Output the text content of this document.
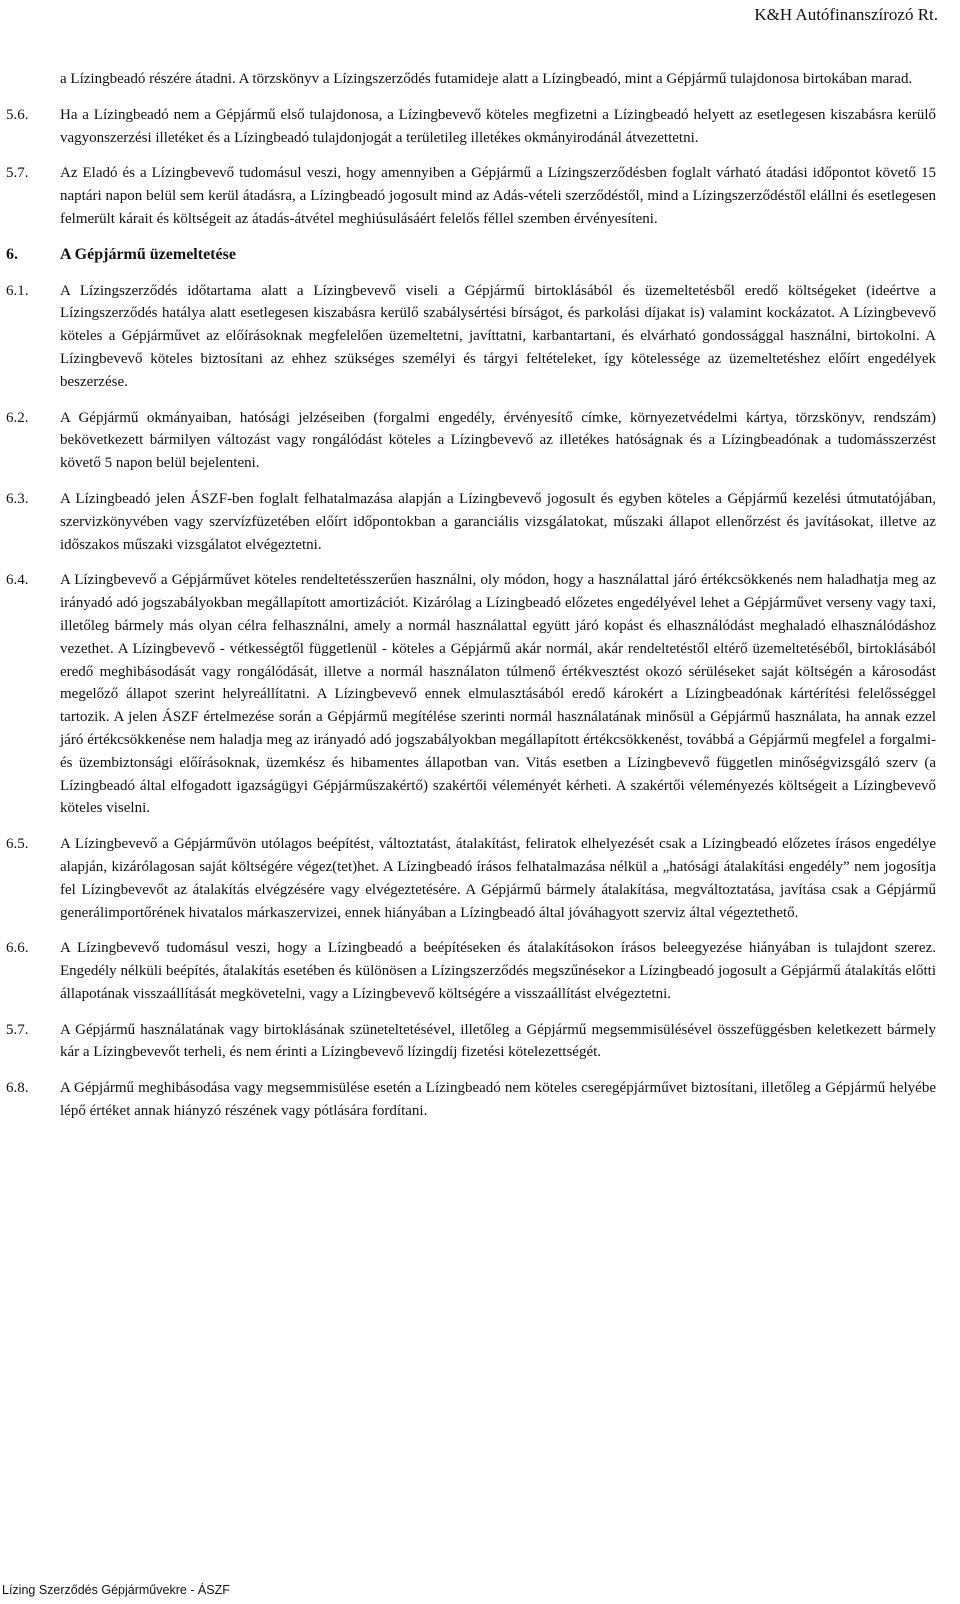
K&H Autófinanszírozó Rt.
a Lízingbeadó részére átadni. A törzskönyv a Lízingszerződés futamideje alatt a Lízingbeadó, mint a Gépjármű tulajdonosa birtokában marad.
5.6.	Ha a Lízingbeadó nem a Gépjármű első tulajdonosa, a Lízingbevevő köteles megfizetni a Lízingbeadó helyett az esetlegesen kiszabásra kerülő vagyonszerzési illetéket és a Lízingbeadó tulajdonjogát a területileg illetékes okmányirodánál átvezettetni.
5.7.	Az Eladó és a Lízingbevevő tudomásul veszi, hogy amennyiben a Gépjármű a Lízingszerződésben foglalt várható átadási időpontot követő 15 naptári napon belül sem kerül átadásra, a Lízingbeadó jogosult mind az Adás-vételi szerződéstől, mind a Lízingszerződéstől elállni és esetlegesen felmerült kárait és költségeit az átadás-átvétel meghiúsulásáért felelős féllel szemben érvényesíteni.
6.	A Gépjármű üzemeltetése
6.1.	A Lízingszerződés időtartama alatt a Lízingbevevő viseli a Gépjármű birtoklásából és üzemeltetésből eredő költségeket (ideértve a Lízingszerződés hatálya alatt esetlegesen kiszabásra kerülő szabálysértési bírságot, és parkolási díjakat is) valamint kockázatot. A Lízingbevevő köteles a Gépjárművet az előírásoknak megfelelően üzemeltetni, javíttatni, karbantartani, és elvárható gondossággal használni, birtokolni. A Lízingbevevő köteles biztosítani az ehhez szükséges személyi és tárgyi feltételeket, így kötelessége az üzemeltetéshez előírt engedélyek beszerzése.
6.2.	A Gépjármű okmányaiban, hatósági jelzéseiben (forgalmi engedély, érvényesítő címke, környezetvédelmi kártya, törzskönyv, rendszám) bekövetkezett bármilyen változást vagy rongálódást köteles a Lízingbevevő az illetékes hatóságnak és a Lízingbeadónak a tudomásszerzést követő 5 napon belül bejelenteni.
6.3.	A Lízingbeadó jelen ÁSZF-ben foglalt felhatalmazása alapján a Lízingbevevő jogosult és egyben köteles a Gépjármű kezelési útmutatójában, szervizkönyvében vagy szervízfüzetében előírt időpontokban a garanciális vizsgálatokat, műszaki állapot ellenőrzést és javításokat, illetve az időszakos műszaki vizsgálatot elvégeztetni.
6.4.	A Lízingbevevő a Gépjárművet köteles rendeltetésszerűen használni, oly módon, hogy a használattal járó értékcsökkenés nem haladhatja meg az irányadó adó jogszabályokban megállapított amortizációt. Kizárólag a Lízingbeadó előzetes engedélyével lehet a Gépjárművet verseny vagy taxi, illetőleg bármely más olyan célra felhasználni, amely a normál használattal együtt járó kopást és elhasználódást meghaladó elhasználódáshoz vezethet. A Lízingbevevő - vétkességtől függetlenül - köteles a Gépjármű akár normál, akár rendeltetéstől eltérő üzemeltetéséből, birtoklásából eredő meghibásodását vagy rongálódását, illetve a normál használaton túlmenő értékvesztést okozó sérüléseket saját költségén a károsodást megelőző állapot szerint helyreállítatni. A Lízingbevevő ennek elmulasztásából eredő károkért a Lízingbeadónak kártérítési felelősséggel tartozik. A jelen ÁSZF értelmezése során a Gépjármű megítélése szerinti normál használatának minősül a Gépjármű használata, ha annak ezzel járó értékcsökkenése nem haladja meg az irányadó adó jogszabályokban megállapított értékcsökkenést, továbbá a Gépjármű megfelel a forgalmi- és üzembiztonsági előírásoknak, üzemkész és hibamentes állapotban van. Vitás esetben a Lízingbevevő független minőségvizsgáló szerv (a Lízingbeadó által elfogadott igazságügyi Gépjárműszakértő) szakértői véleményét kérheti. A szakértői véleményezés költségeit a Lízingbevevő köteles viselni.
6.5.	A Lízingbevevő a Gépjárművön utólagos beépítést, változtatást, átalakítást, feliratok elhelyezését csak a Lízingbeadó előzetes írásos engedélye alapján, kizárólagosan saját költségére végez(tet)het. A Lízingbeadó írásos felhatalmazása nélkül a „hatósági átalakítási engedély” nem jogosítja fel Lízingbevevőt az átalakítás elvégzésére vagy elvégeztetésére. A Gépjármű bármely átalakítása, megváltoztatása, javítása csak a Gépjármű generálimportőrének hivatalos márkaszervizei, ennek hiányában a Lízingbeadó által jóváhagyott szerviz által végeztethető.
6.6.	A Lízingbevevő tudomásul veszi, hogy a Lízingbeadó a beépítéseken és átalakításokon írásos beleegyezése hiányában is tulajdont szerez. Engedély nélküli beépítés, átalakítás esetében és különösen a Lízingszerződés megszűnésekor a Lízingbeadó jogosult a Gépjármű átalakítás előtti állapotának visszaállítását megkövetelni, vagy a Lízingbevevő költségére a visszaállítást elvégeztetni.
5.7.	A Gépjármű használatának vagy birtoklásának szüneteltetésével, illetőleg a Gépjármű megsemmisülésével összefüggésben keletkezett bármely kár a Lízingbevevőt terheli, és nem érinti a Lízingbevevő lízingdíj fizetési kötelezettségét.
6.8.	A Gépjármű meghibásodása vagy megsemmisülése esetén a Lízingbeadó nem köteles cseregépjárművet biztosítani, illetőleg a Gépjármű helyébe lépő értéket annak hiányzó részének vagy pótlására fordítani.
Lízing Szerződés Gépjárművekre - ÁSZF
